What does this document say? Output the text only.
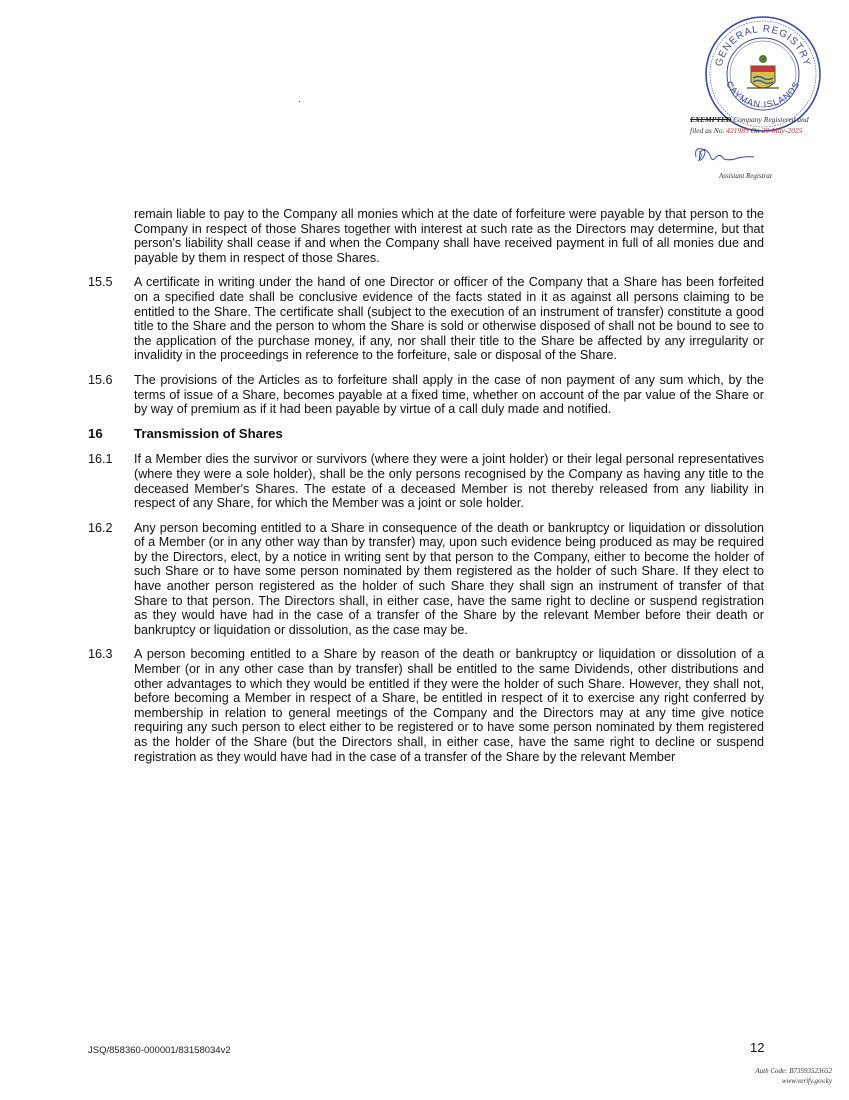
GENERAL REGISTRY
CAYMAN ISLANDS
EXEMPTED Company Registered and
filed as No. 421989 On 29-May-2025
Assistant Registrar
remain liable to pay to the Company all monies which at the date of forfeiture were payable by that person to the Company in respect of those Shares together with interest at such rate as the Directors may determine, but that person's liability shall cease if and when the Company shall have received payment in full of all monies due and payable by them in respect of those Shares.
15.5	A certificate in writing under the hand of one Director or officer of the Company that a Share has been forfeited on a specified date shall be conclusive evidence of the facts stated in it as against all persons claiming to be entitled to the Share. The certificate shall (subject to the execution of an instrument of transfer) constitute a good title to the Share and the person to whom the Share is sold or otherwise disposed of shall not be bound to see to the application of the purchase money, if any, nor shall their title to the Share be affected by any irregularity or invalidity in the proceedings in reference to the forfeiture, sale or disposal of the Share.
15.6	The provisions of the Articles as to forfeiture shall apply in the case of non payment of any sum which, by the terms of issue of a Share, becomes payable at a fixed time, whether on account of the par value of the Share or by way of premium as if it had been payable by virtue of a call duly made and notified.
16	Transmission of Shares
16.1	If a Member dies the survivor or survivors (where they were a joint holder) or their legal personal representatives (where they were a sole holder), shall be the only persons recognised by the Company as having any title to the deceased Member's Shares. The estate of a deceased Member is not thereby released from any liability in respect of any Share, for which the Member was a joint or sole holder.
16.2	Any person becoming entitled to a Share in consequence of the death or bankruptcy or liquidation or dissolution of a Member (or in any other way than by transfer) may, upon such evidence being produced as may be required by the Directors, elect, by a notice in writing sent by that person to the Company, either to become the holder of such Share or to have some person nominated by them registered as the holder of such Share. If they elect to have another person registered as the holder of such Share they shall sign an instrument of transfer of that Share to that person. The Directors shall, in either case, have the same right to decline or suspend registration as they would have had in the case of a transfer of the Share by the relevant Member before their death or bankruptcy or liquidation or dissolution, as the case may be.
16.3	A person becoming entitled to a Share by reason of the death or bankruptcy or liquidation or dissolution of a Member (or in any other case than by transfer) shall be entitled to the same Dividends, other distributions and other advantages to which they would be entitled if they were the holder of such Share. However, they shall not, before becoming a Member in respect of a Share, be entitled in respect of it to exercise any right conferred by membership in relation to general meetings of the Company and the Directors may at any time give notice requiring any such person to elect either to be registered or to have some person nominated by them registered as the holder of the Share (but the Directors shall, in either case, have the same right to decline or suspend registration as they would have had in the case of a transfer of the Share by the relevant Member
JSQ/858360-000001/83158034v2	12
Auth Code: B73593523652
www.verify.gov.ky
